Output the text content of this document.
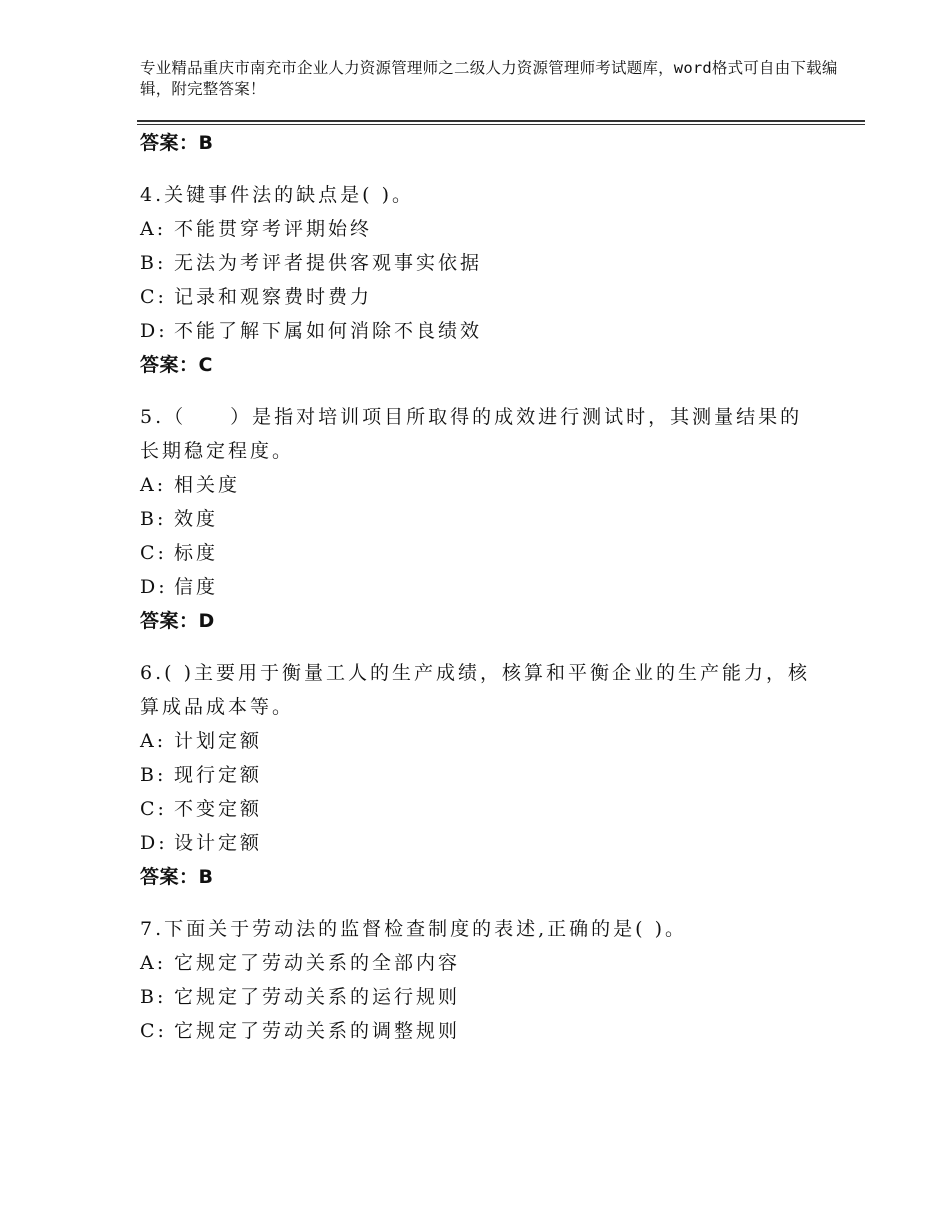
专业精品重庆市南充市企业人力资源管理师之二级人力资源管理师考试题库，word格式可自由下载编辑，附完整答案！
答案：B

4.关键事件法的缺点是( )。

A: 不能贯穿考评期始终
B: 无法为考评者提供客观事实依据
C: 记录和观察费时费力
D: 不能了解下属如何消除不良绩效
答案：C

5.（　　）是指对培训项目所取得的成效进行测试时，其测量结果的长期稳定程度。

A: 相关度
B: 效度
C: 标度
D: 信度
答案：D

6.( )主要用于衡量工人的生产成绩，核算和平衡企业的生产能力，核算成品成本等。

A: 计划定额
B: 现行定额
C: 不变定额
D: 设计定额
答案：B

7.下面关于劳动法的监督检查制度的表述,正确的是( )。

A: 它规定了劳动关系的全部内容
B: 它规定了劳动关系的运行规则
C: 它规定了劳动关系的调整规则
